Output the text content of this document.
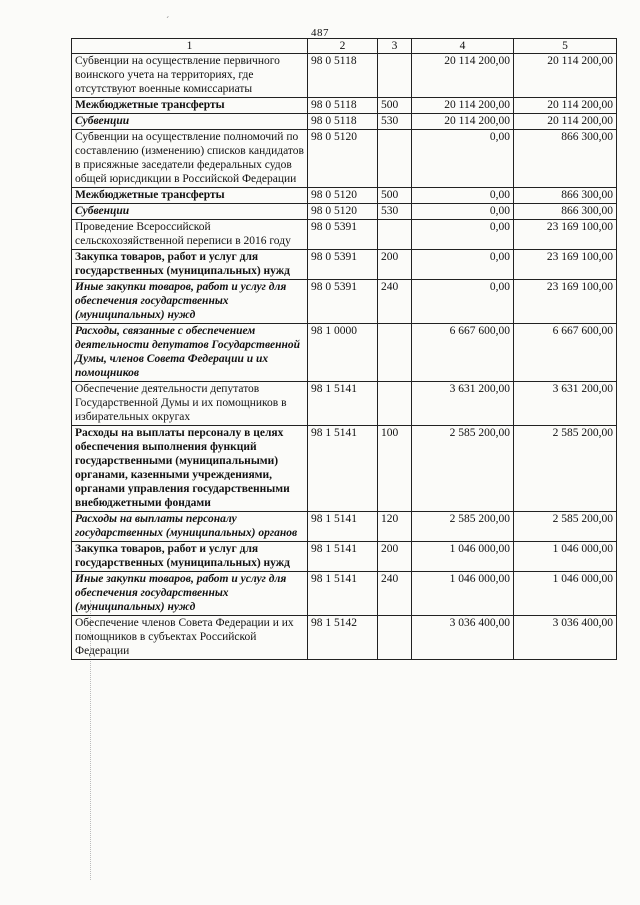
ˊ
487
1	2	3	4	5
Субвенции на осуществление первичного воинского учета на территориях, где отсутствуют военные комиссариаты	98 0 5118		20 114 200,00	20 114 200,00
Межбюджетные трансферты	98 0 5118	500	20 114 200,00	20 114 200,00
Субвенции	98 0 5118	530	20 114 200,00	20 114 200,00
Субвенции на осуществление полномочий по составлению (изменению) списков кандидатов в присяжные заседатели федеральных судов общей юрисдикции в Российской Федерации	98 0 5120		0,00	866 300,00
Межбюджетные трансферты	98 0 5120	500	0,00	866 300,00
Субвенции	98 0 5120	530	0,00	866 300,00
Проведение Всероссийской сельскохозяйственной переписи в 2016 году	98 0 5391		0,00	23 169 100,00
Закупка товаров, работ и услуг для государственных (муниципальных) нужд	98 0 5391	200	0,00	23 169 100,00
Иные закупки товаров, работ и услуг для обеспечения государственных (муниципальных) нужд	98 0 5391	240	0,00	23 169 100,00
Расходы, связанные с обеспечением деятельности депутатов Государственной Думы, членов Совета Федерации и их помощников	98 1 0000		6 667 600,00	6 667 600,00
Обеспечение деятельности депутатов Государственной Думы и их помощников в избирательных округах	98 1 5141		3 631 200,00	3 631 200,00
Расходы на выплаты персоналу в целях обеспечения выполнения функций государственными (муниципальными) органами, казенными учреждениями, органами управления государственными внебюджетными фондами	98 1 5141	100	2 585 200,00	2 585 200,00
Расходы на выплаты персоналу государственных (муниципальных) органов	98 1 5141	120	2 585 200,00	2 585 200,00
Закупка товаров, работ и услуг для государственных (муниципальных) нужд	98 1 5141	200	1 046 000,00	1 046 000,00
Иные закупки товаров, работ и услуг для обеспечения государственных (муниципальных) нужд	98 1 5141	240	1 046 000,00	1 046 000,00
Обеспечение членов Совета Федерации и их помощников в субъектах Российской Федерации	98 1 5142		3 036 400,00	3 036 400,00
